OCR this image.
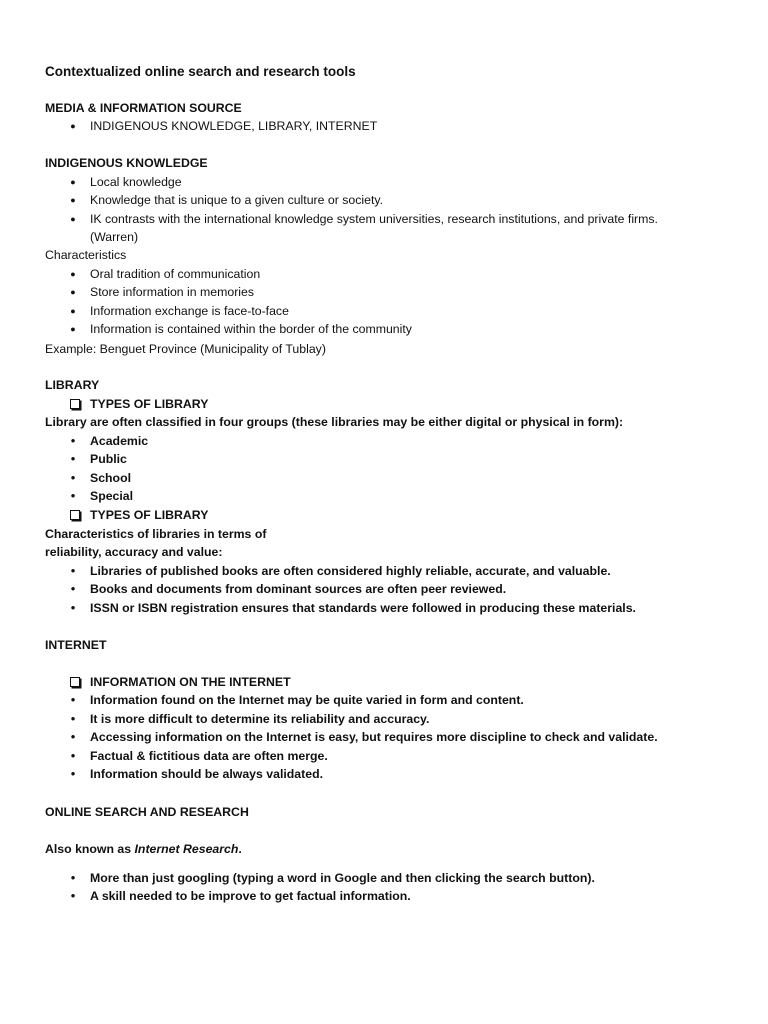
Contextualized online search and research tools
MEDIA & INFORMATION SOURCE
● INDIGENOUS KNOWLEDGE, LIBRARY, INTERNET
INDIGENOUS KNOWLEDGE
● Local knowledge
● Knowledge that is unique to a given culture or society.
● IK contrasts with the international knowledge system universities, research institutions, and private firms. (Warren)
Characteristics
● Oral tradition of communication
● Store information in memories
● Information exchange is face-to-face
● Information is contained within the border of the community
Example: Benguet Province (Municipality of Tublay)
LIBRARY
TYPES OF LIBRARY
Library are often classified in four groups (these libraries may be either digital or physical in form):
•	Academic
•	Public
•	School
•	Special
TYPES OF LIBRARY
Characteristics of libraries in terms of
reliability, accuracy and value:
•	Libraries of published books are often considered highly reliable, accurate, and valuable.
•	Books and documents from dominant sources are often peer reviewed.
•	ISSN or ISBN registration ensures that standards were followed in producing these materials.
INTERNET
INFORMATION ON THE INTERNET
•	Information found on the Internet may be quite varied in form and content.
•	It is more difficult to determine its reliability and accuracy.
•	Accessing information on the Internet is easy, but requires more discipline to check and validate.
•	Factual & fictitious data are often merge.
•	Information should be always validated.
ONLINE SEARCH AND RESEARCH
Also known as Internet Research.
•	More than just googling (typing a word in Google and then clicking the search button).
•	A skill needed to be improve to get factual information.
